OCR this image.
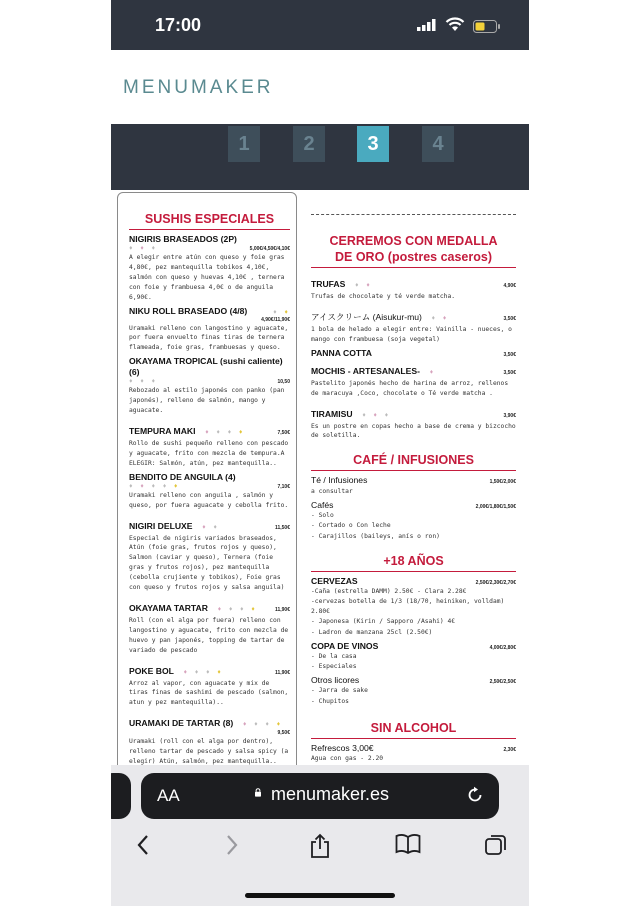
17:00
MENUMAKER
1	2	3	4
SUSHIS ESPECIALES
NIGIRIS BRASEADOS (2P)
♦ ♦ ♦	5,00€/4,50€/4,10€
A elegir entre atún con queso y foie gras 4,80€, pez mantequilla tobikos 4,10€, salmón con queso y huevas 4,10€ , ternera con foie y frambuesa 4,0€ o de anguila 6,90€.
NIKU ROLL BRASEADO (4/8)	♦ ♦
4,90€/11,90€
Uramaki relleno con langostino y aguacate, por fuera envuelto finas tiras de ternera flameada, foie gras, frambuesas y queso.
OKAYAMA TROPICAL (sushi caliente) (6)
♦ ♦ ♦	10,50
Rebozado al estilo japonés con panko (pan japonés), relleno de salmón, mango y aguacate.
TEMPURA MAKI ♦ ♦ ♦ ♦	7,50€
Rollo de sushi pequeño relleno con pescado y aguacate, frito con mezcla de tempura.A ELEGIR: Salmón, atún, pez mantequilla..
BENDITO DE ANGUILA (4)
♦ ♦ ♦ ♦ ♦	7,10€
Uramaki relleno con anguila , salmón y queso, por fuera aguacate y cebolla frito.
NIGIRI DELUXE ♦ ♦	11,50€
Especial de nigiris variados braseados, Atún (foie gras, frutos rojos y queso), Salmon (caviar y queso), Ternera (foie gras y frutos rojos), pez mantequilla (cebolla crujiente y tobikos), Foie gras con queso y frutos rojos y salsa anguila)
OKAYAMA TARTAR ♦ ♦ ♦ ♦	11,90€
Roll (con el alga por fuera) relleno con langostino y aguacate, frito con mezcla de huevo y pan japonés, topping de tartar de variado de pescado
POKE BOL ♦ ♦ ♦ ♦	11,90€
Arroz al vapor, con aguacate y mix de tiras finas de sashimi de pescado (salmon, atun y pez mantequilla)..
URAMAKI DE TARTAR (8) ♦ ♦ ♦ ♦
9,50€
Uramaki (roll con el alga por dentro), relleno tartar de pescado y salsa spicy (a elegir) Atún, salmón, pez mantequilla..
CERREMOS CON MEDALLA
DE ORO (postres caseros)
TRUFAS ♦ ♦	4,90€
Trufas de chocolate y té verde matcha.
アイスクリーム (Aisukur-mu) ♦ ♦	3,50€
1 bola de helado a elegir entre: Vainilla - nueces, o mango con frambuesa (soja vegetal)
PANNA COTTA	3,50€
MOCHIS - ARTESANALES- ♦	3,50€
Pastelito japonés hecho de harina de arroz, rellenos de maracuya ,Coco, chocolate o Té verde matcha .
TIRAMISU ♦ ♦ ♦	3,90€
Es un postre en copas hecho a base de crema y bizcocho de soletilla.
CAFÉ / INFUSIONES
Té / Infusiones	1,50€/2,00€
a consultar
Cafés	2,00€/1,80€/1,50€
- Solo
- Cortado o Con leche
- Carajillos (baileys, anís o ron)
+18 AÑOS
CERVEZAS	2,50€/2,30€/2,70€
-Caña (estrella DAMM) 2.50€ - Clara 2.28€
-cervezas botella de 1/3 (18/70, heiniken, volldam) 2.80€
- Japonesa (Kirin / Sapporo /Asahi) 4€
- Ladron de manzana 25cl (2.50€)
COPA DE VINOS	4,00€/2,80€
- De la casa
- Especiales
Otros licores	2,50€/2,50€
- Jarra de sake
- Chupitos
SIN ALCOHOL
Refrescos 3,00€	2,30€
Agua con gas - 2.20
AA	menumaker.es
